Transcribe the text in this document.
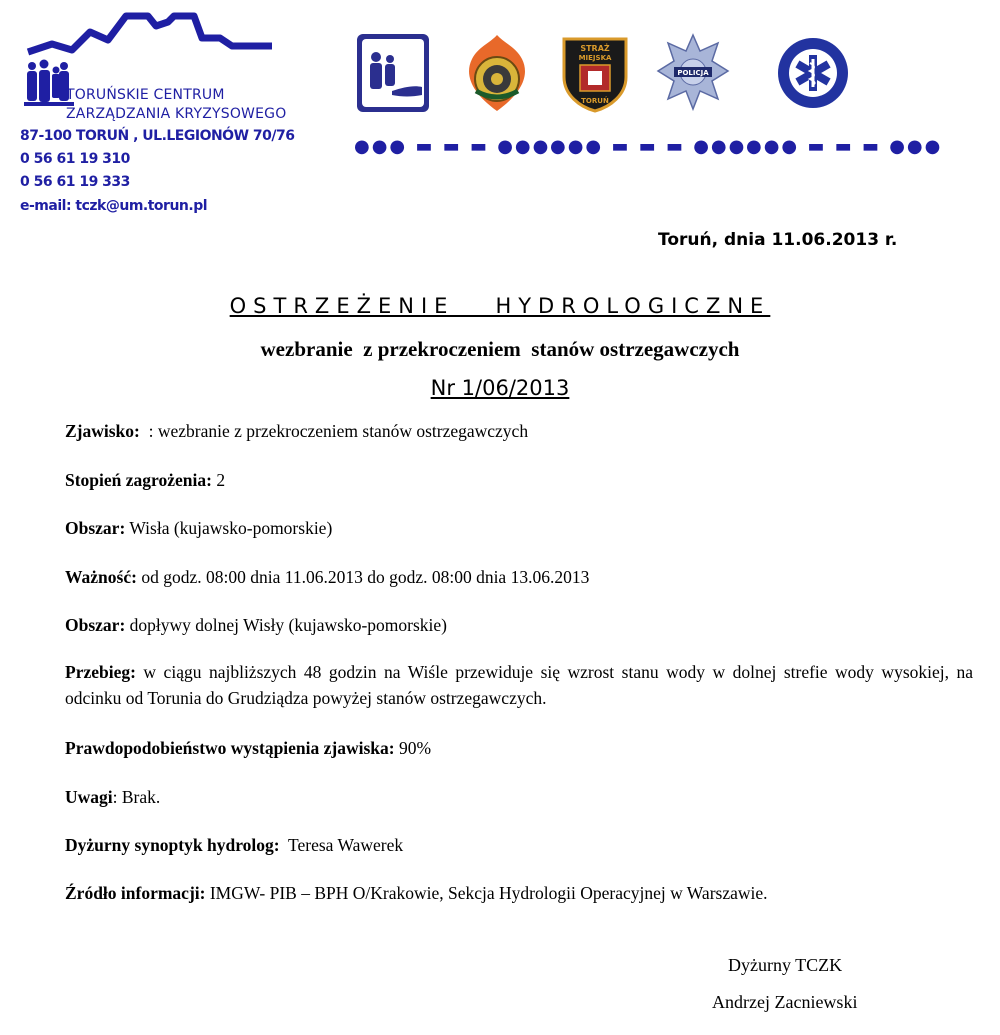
TORUŃSKIE CENTRUM
ZARZĄDZANIA KRYZYSOWEGO
87-100 TORUŃ , UL.LEGIONÓW 70/76
0 56 61 19 310
0 56 61 19 333
e-mail: tczk@um.torun.pl
STRAŻ
MIEJSKA
TORUŃ
POLICJA
●●● ▬ ▬ ▬ ●●● ●●● ▬ ▬ ▬ ●●● ●●● ▬ ▬ ▬ ●●●
Toruń, dnia 11.06.2013 r.
OSTRZEŻENIE   HYDROLOGICZNE
wezbranie  z przekroczeniem  stanów ostrzegawczych
Nr 1/06/2013
Zjawisko:  : wezbranie z przekroczeniem stanów ostrzegawczych
Stopień zagrożenia: 2
Obszar: Wisła (kujawsko-pomorskie)
Ważność: od godz. 08:00 dnia 11.06.2013 do godz. 08:00 dnia 13.06.2013
Obszar: dopływy dolnej Wisły (kujawsko-pomorskie)
Przebieg: w ciągu najbliższych 48 godzin na Wiśle przewiduje się wzrost stanu wody w dolnej strefie wody wysokiej, na odcinku od Torunia do Grudziądza powyżej stanów ostrzegawczych.
Prawdopodobieństwo wystąpienia zjawiska: 90%
Uwagi: Brak.
Dyżurny synoptyk hydrolog:  Teresa Wawerek
Źródło informacji: IMGW- PIB – BPH O/Krakowie, Sekcja Hydrologii Operacyjnej w Warszawie.
Dyżurny TCZK
Andrzej Zacniewski
